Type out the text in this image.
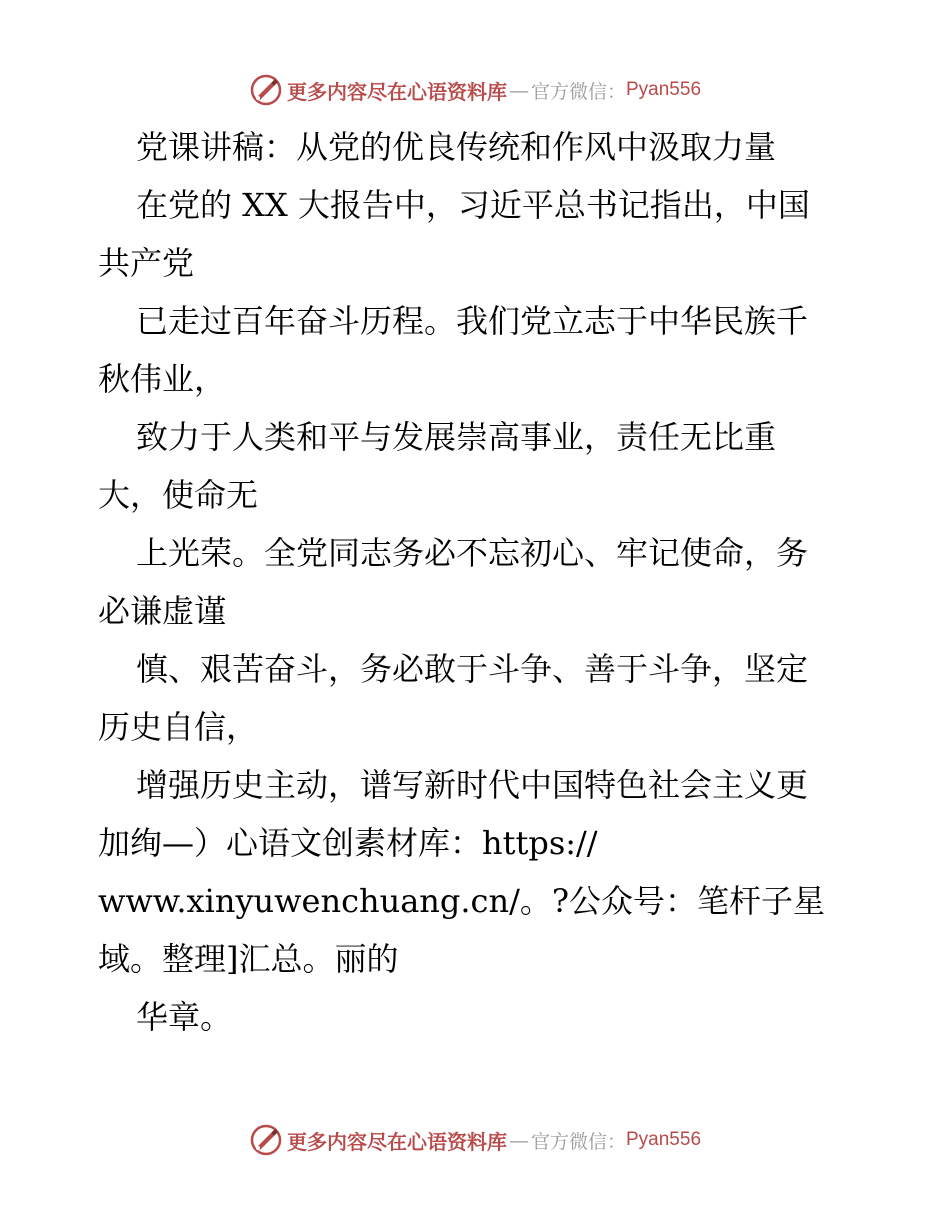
更多内容尽在心语资料库 — 官方微信： Pyan556
党课讲稿：从党的优良传统和作风中汲取力量
在党的 XX 大报告中，习近平总书记指出，中国
共产党
已走过百年奋斗历程。我们党立志于中华民族千
秋伟业，
致力于人类和平与发展崇高事业，责任无比重
大，使命无
上光荣。全党同志务必不忘初心、牢记使命，务
必谦虚谨
慎、艰苦奋斗，务必敢于斗争、善于斗争，坚定
历史自信，
增强历史主动，谱写新时代中国特色社会主义更
加绚—）心语文创素材库：https://
www.xinyuwenchuang.cn/。?公众号：笔杆子星
域。整理]汇总。丽的
华章。
更多内容尽在心语资料库 — 官方微信： Pyan556
